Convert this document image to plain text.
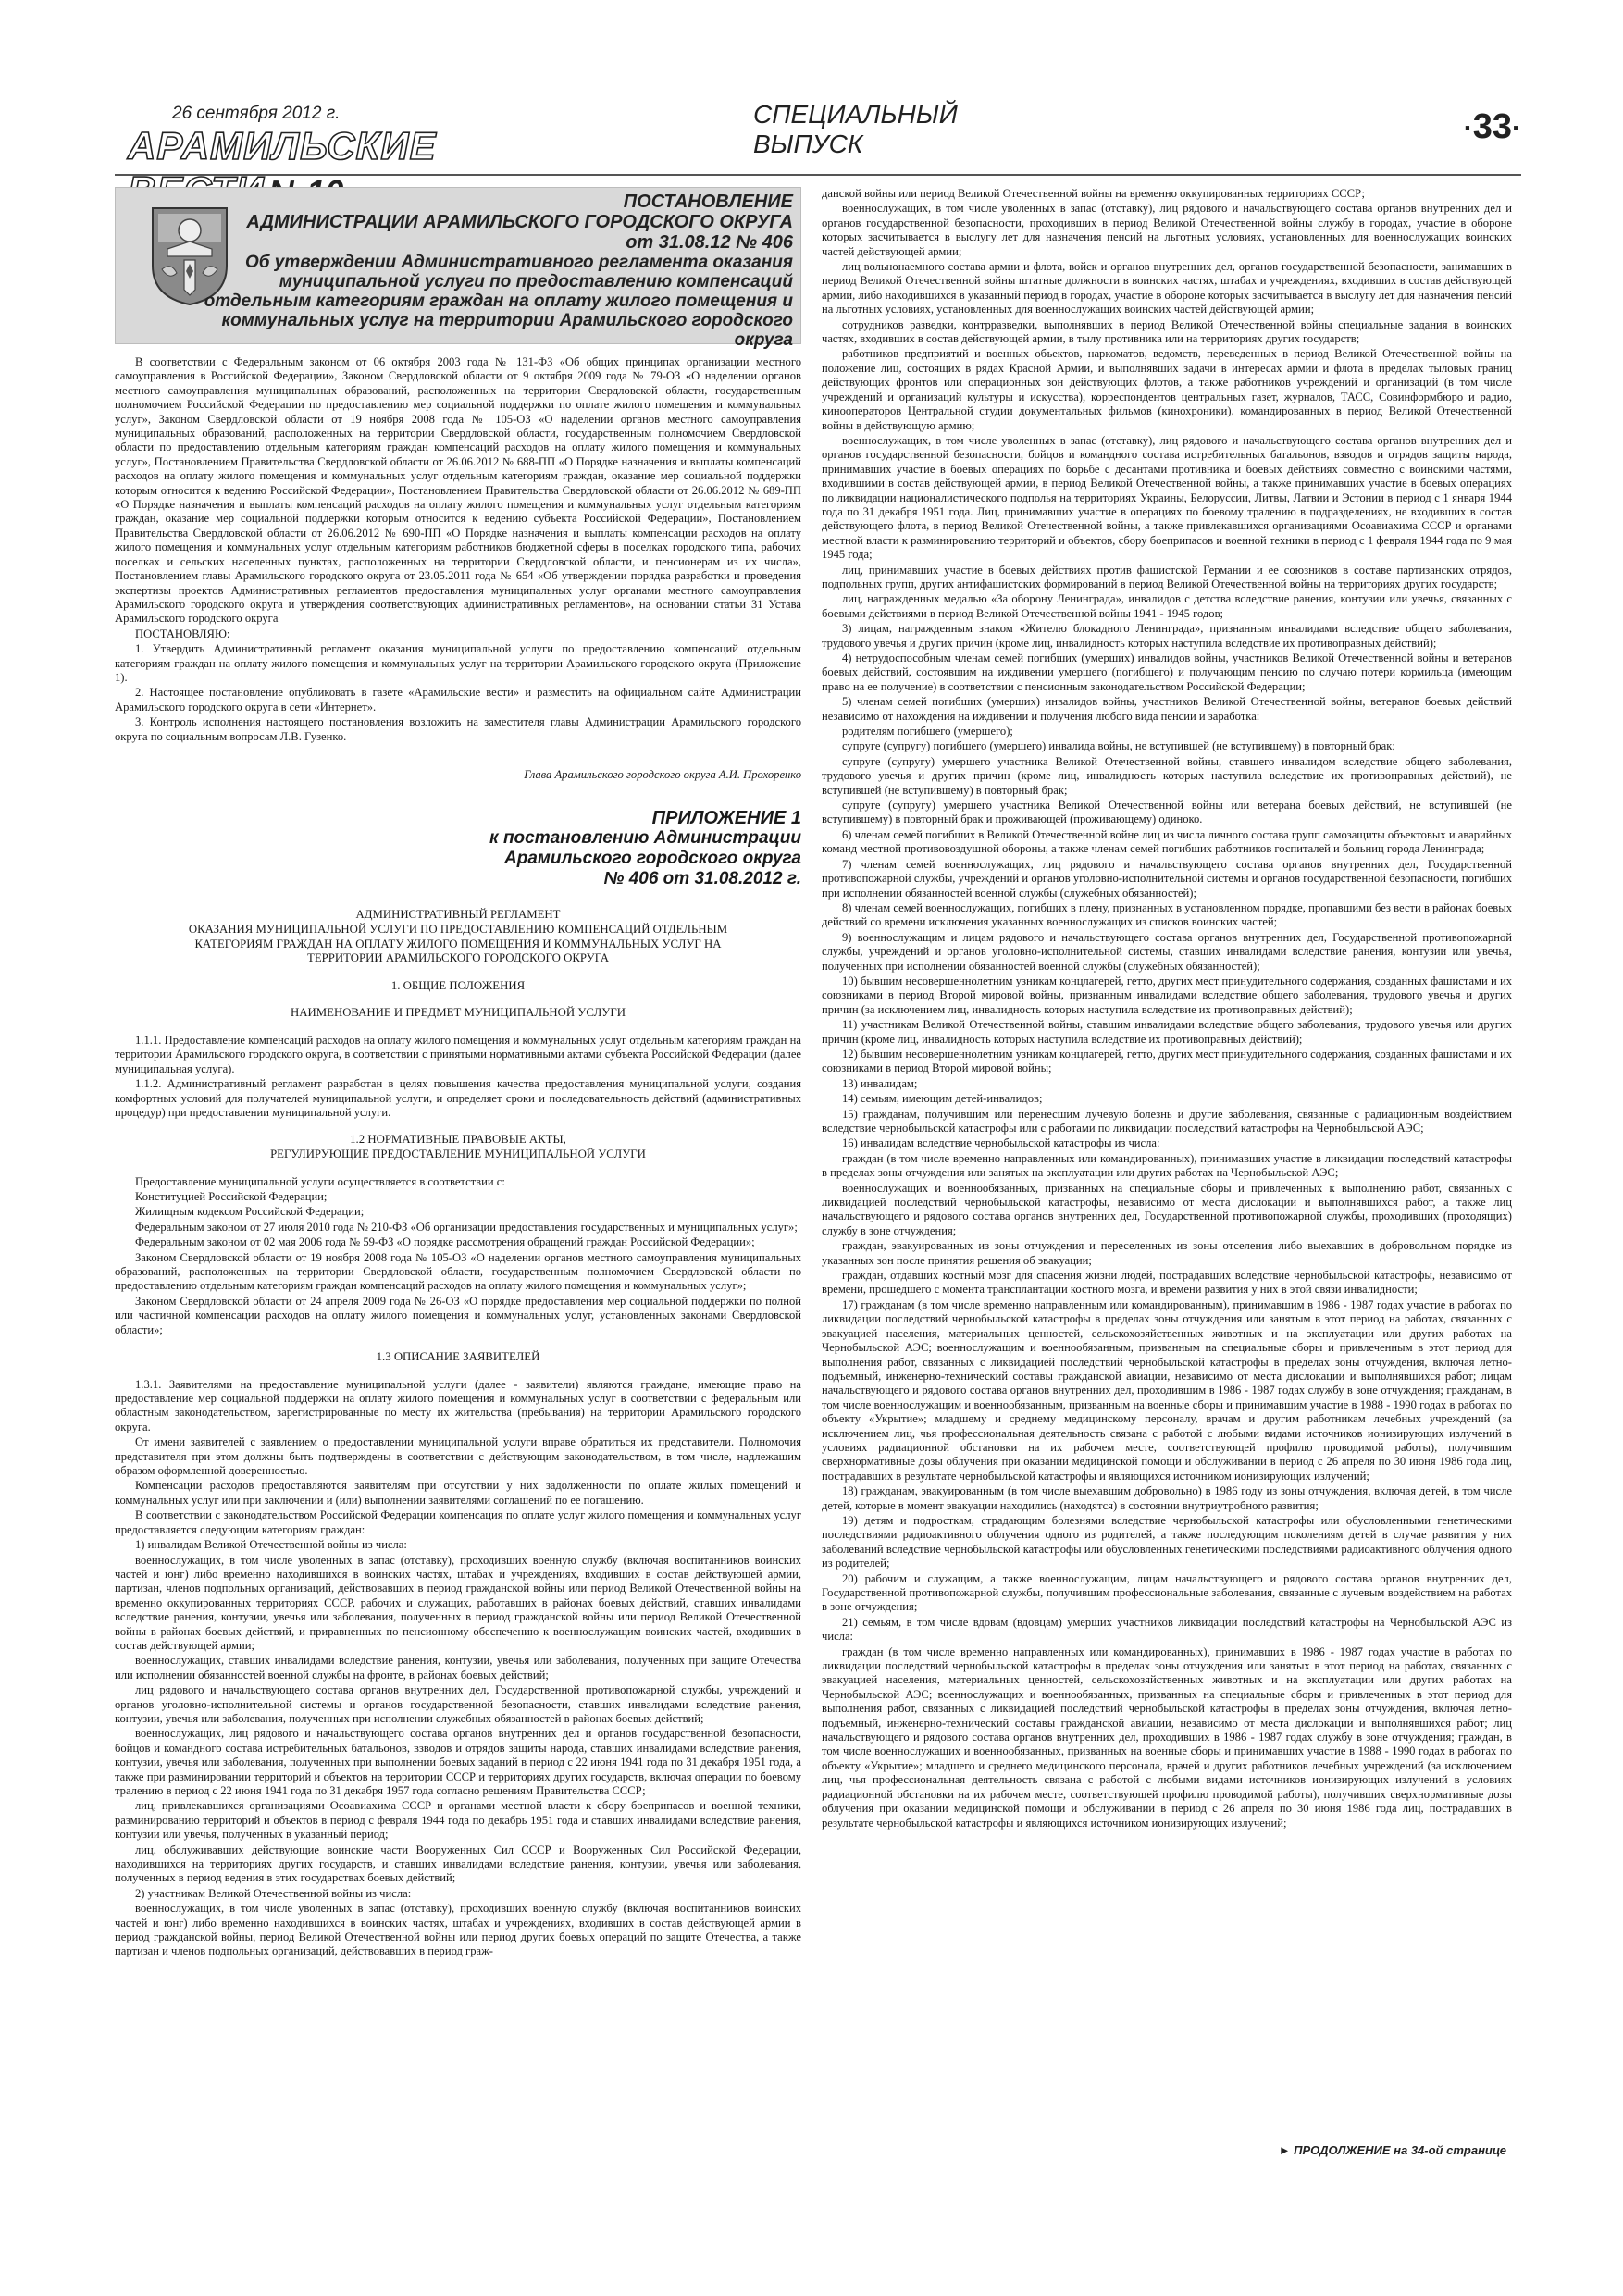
26 сентября 2012 г.
АРАМИЛЬСКИЕ
СПЕЦИАЛЬНЫЙ
ВЫПУСК
·33·
ПОСТАНОВЛЕНИЕ
АДМИНИСТРАЦИИ АРАМИЛЬСКОГО ГОРОДСКОГО ОКРУГА
от 31.08.12 № 406
Об утверждении Административного регламента оказания муниципальной услуги по предоставлению компенсаций отдельным категориям граждан на оплату жилого помещения и коммунальных услуг на территории Арамильского городского округа

В соответствии с Федеральным законом от 06 октября 2003 года № 131-ФЗ «Об общих принципах организации местного самоуправления в Российской Федерации», Законом Свердловской области от 9 октября 2009 года № 79-ОЗ «О наделении органов местного самоуправления муниципальных образований, расположенных на территории Свердловской области, государственным полномочием Российской Федерации по предоставлению мер социальной поддержки по оплате жилого помещения и коммунальных услуг», Законом Свердловской области от 19 ноября 2008 года № 105-ОЗ «О наделении органов местного самоуправления муниципальных образований, расположенных на территории Свердловской области, государственным полномочием Свердловской области по предоставлению отдельным категориям граждан компенсаций расходов на оплату жилого помещения и коммунальных услуг», Постановлением Правительства Свердловской области от 26.06.2012 № 688-ПП «О Порядке назначения и выплаты компенсаций расходов на оплату жилого помещения и коммунальных услуг отдельным категориям граждан, оказание мер социальной поддержки которым относится к ведению Российской Федерации», Постановлением Правительства Свердловской области от 26.06.2012 № 689-ПП «О Порядке назначения и выплаты компенсаций расходов на оплату жилого помещения и коммунальных услуг отдельным категориям граждан, оказание мер социальной поддержки которым относится к ведению субъекта Российской Федерации», Постановлением Правительства Свердловской области от 26.06.2012 № 690-ПП «О Порядке назначения и выплаты компенсации расходов на оплату жилого помещения и коммунальных услуг отдельным категориям работников бюджетной сферы в поселках городского типа, рабочих поселках и сельских населенных пунктах, расположенных на территории Свердловской области, и пенсионерам из их числа», Постановлением главы Арамильского городского округа от 23.05.2011 года № 654 «Об утверждении порядка разработки и проведения экспертизы проектов Административных регламентов предоставления муниципальных услуг органами местного самоуправления Арамильского городского округа и утверждения соответствующих административных регламентов», на основании статьи 31 Устава Арамильского городского округа

ПОСТАНОВЛЯЮ:

1. Утвердить Административный регламент оказания муниципальной услуги по предоставлению компенсаций отдельным категориям граждан на оплату жилого помещения и коммунальных услуг на территории Арамильского городского округа (Приложение 1).

2. Настоящее постановление опубликовать в газете «Арамильские вести» и разместить на официальном сайте Администрации Арамильского городского округа в сети «Интернет».

3. Контроль исполнения настоящего постановления возложить на заместителя главы Администрации Арамильского городского округа по социальным вопросам Л.В. Гузенко.

Глава Арамильского городского округа А.И. Прохоренко
ПРИЛОЖЕНИЕ 1
к постановлению Администрации
Арамильского городского округа
№ 406 от 31.08.2012 г.
АДМИНИСТРАТИВНЫЙ РЕГЛАМЕНТ
ОКАЗАНИЯ МУНИЦИПАЛЬНОЙ УСЛУГИ ПО ПРЕДОСТАВЛЕНИЮ КОМПЕНСАЦИЙ ОТДЕЛЬНЫМ КАТЕГОРИЯМ ГРАЖДАН НА ОПЛАТУ ЖИЛОГО ПОМЕЩЕНИЯ И КОММУНАЛЬНЫХ УСЛУГ НА ТЕРРИТОРИИ АРАМИЛЬСКОГО ГОРОДСКОГО ОКРУГА
1. ОБЩИЕ ПОЛОЖЕНИЯ
НАИМЕНОВАНИЕ И ПРЕДМЕТ МУНИЦИПАЛЬНОЙ УСЛУГИ

1.1.1. Предоставление компенсаций расходов на оплату жилого помещения и коммунальных услуг отдельным категориям граждан на территории Арамильского городского округа, в соответствии с принятыми нормативными актами субъекта Российской Федерации (далее муниципальная услуга).

1.1.2. Административный регламент разработан в целях повышения качества предоставления муниципальной услуги, создания комфортных условий для получателей муниципальной услуги, и определяет сроки и последовательность действий (административных процедур) при предоставлении муниципальной услуги.

1.2 НОРМАТИВНЫЕ ПРАВОВЫЕ АКТЫ,
РЕГУЛИРУЮЩИЕ ПРЕДОСТАВЛЕНИЕ МУНИЦИПАЛЬНОЙ УСЛУГИ

Предоставление муниципальной услуги осуществляется в соответствии с:

Конституцией Российской Федерации;

Жилищным кодексом Российской Федерации;

Федеральным законом от 27 июля 2010 года № 210-ФЗ «Об организации предоставления государственных и муниципальных услуг»;

Федеральным законом от 02 мая 2006 года № 59-ФЗ «О порядке рассмотрения обращений граждан Российской Федерации»;

Законом Свердловской области от 19 ноября 2008 года № 105-ОЗ «О наделении органов местного самоуправления муниципальных образований, расположенных на территории Свердловской области, государственным полномочием Свердловской области по предоставлению отдельным категориям граждан компенсаций расходов на оплату жилого помещения и коммунальных услуг»;

Законом Свердловской области от 24 апреля 2009 года № 26-ОЗ «О порядке предоставления мер социальной поддержки по полной или частичной компенсации расходов на оплату жилого помещения и коммунальных услуг, установленных законами Свердловской области»;

1.3 ОПИСАНИЕ ЗАЯВИТЕЛЕЙ

1.3.1. Заявителями на предоставление муниципальной услуги (далее - заявители) являются граждане, имеющие право на предоставление мер социальной поддержки на оплату жилого помещения и коммунальных услуг в соответствии с федеральным или областным законодательством, зарегистрированные по месту их жительства (пребывания) на территории Арамильского городского округа.

От имени заявителей с заявлением о предоставлении муниципальной услуги вправе обратиться их представители. Полномочия представителя при этом должны быть подтверждены в соответствии с действующим законодательством, в том числе, надлежащим образом оформленной доверенностью.

Компенсации расходов предоставляются заявителям при отсутствии у них задолженности по оплате жилых помещений и коммунальных услуг или при заключении и (или) выполнении заявителями соглашений по ее погашению.

В соответствии с законодательством Российской Федерации компенсация по оплате услуг жилого помещения и коммунальных услуг предоставляется следующим категориям граждан:

1) инвалидам Великой Отечественной войны из числа:

военнослужащих, в том числе уволенных в запас (отставку), проходивших военную службу (включая воспитанников воинских частей и юнг) либо временно находившихся в воинских частях, штабах и учреждениях, входивших в состав действующей армии, партизан, членов подпольных организаций, действовавших в период гражданской войны или период Великой Отечественной войны на временно оккупированных территориях СССР, рабочих и служащих, работавших в районах боевых действий, ставших инвалидами вследствие ранения, контузии, увечья или заболевания, полученных в период гражданской войны или период Великой Отечественной войны в районах боевых действий, и приравненных по пенсионному обеспечению к военнослужащим воинских частей, входивших в состав действующей армии;

военнослужащих, ставших инвалидами вследствие ранения, контузии, увечья или заболевания, полученных при защите Отечества или исполнении обязанностей военной службы на фронте, в районах боевых действий;

лиц рядового и начальствующего состава органов внутренних дел, Государственной противопожарной службы, учреждений и органов уголовно-исполнительной системы и органов государственной безопасности, ставших инвалидами вследствие ранения, контузии, увечья или заболевания, полученных при исполнении служебных обязанностей в районах боевых действий;

военнослужащих, лиц рядового и начальствующего состава органов внутренних дел и органов государственной безопасности, бойцов и командного состава истребительных батальонов, взводов и отрядов защиты народа, ставших инвалидами вследствие ранения, контузии, увечья или заболевания, полученных при выполнении боевых заданий в период с 22 июня 1941 года по 31 декабря 1951 года, а также при разминировании территорий и объектов на территории СССР и территориях других государств, включая операции по боевому тралению в период с 22 июня 1941 года по 31 декабря 1957 года согласно решениям Правительства СССР;

лиц, привлекавшихся организациями Осоавиахима СССР и органами местной власти к сбору боеприпасов и военной техники, разминированию территорий и объектов в период с февраля 1944 года по декабрь 1951 года и ставших инвалидами вследствие ранения, контузии или увечья, полученных в указанный период;

лиц, обслуживавших действующие воинские части Вооруженных Сил СССР и Вооруженных Сил Российской Федерации, находившихся на территориях других государств, и ставших инвалидами вследствие ранения, контузии, увечья или заболевания, полученных в период ведения в этих государствах боевых действий;

2) участникам Великой Отечественной войны из числа:

военнослужащих, в том числе уволенных в запас (отставку), проходивших военную службу (включая воспитанников воинских частей и юнг) либо временно находившихся в воинских частях, штабах и учреждениях, входивших в состав действующей армии в период гражданской войны, период Великой Отечественной войны или период других боевых операций по защите Отечества, а также партизан и членов подпольных организаций, действовавших в период граж-

данской войны или период Великой Отечественной войны на временно оккупированных территориях СССР;

военнослужащих, в том числе уволенных в запас (отставку), лиц рядового и начальствующего состава органов внутренних дел и органов государственной безопасности, проходивших в период Великой Отечественной войны службу в городах, участие в обороне которых засчитывается в выслугу лет для назначения пенсий на льготных условиях, установленных для военнослужащих воинских частей действующей армии;

лиц вольнонаемного состава армии и флота, войск и органов внутренних дел, органов государственной безопасности, занимавших в период Великой Отечественной войны штатные должности в воинских частях, штабах и учреждениях, входивших в состав действующей армии, либо находившихся в указанный период в городах, участие в обороне которых засчитывается в выслугу лет для назначения пенсий на льготных условиях, установленных для военнослужащих воинских частей действующей армии;

сотрудников разведки, контрразведки, выполнявших в период Великой Отечественной войны специальные задания в воинских частях, входивших в состав действующей армии, в тылу противника или на территориях других государств;

работников предприятий и военных объектов, наркоматов, ведомств, переведенных в период Великой Отечественной войны на положение лиц, состоящих в рядах Красной Армии, и выполнявших задачи в интересах армии и флота в пределах тыловых границ действующих фронтов или операционных зон действующих флотов, а также работников учреждений и организаций (в том числе учреждений и организаций культуры и искусства), корреспондентов центральных газет, журналов, ТАСС, Совинформбюро и радио, кинооператоров Центральной студии документальных фильмов (кинохроники), командированных в период Великой Отечественной войны в действующую армию;

военнослужащих, в том числе уволенных в запас (отставку), лиц рядового и начальствующего состава органов внутренних дел и органов государственной безопасности, бойцов и командного состава истребительных батальонов, взводов и отрядов защиты народа, принимавших участие в боевых операциях по борьбе с десантами противника и боевых действиях совместно с воинскими частями, входившими в состав действующей армии, в период Великой Отечественной войны, а также принимавших участие в боевых операциях по ликвидации националистического подполья на территориях Украины, Белоруссии, Литвы, Латвии и Эстонии в период с 1 января 1944 года по 31 декабря 1951 года. Лиц, принимавших участие в операциях по боевому тралению в подразделениях, не входивших в состав действующего флота, в период Великой Отечественной войны, а также привлекавшихся организациями Осоавиахима СССР и органами местной власти к разминированию территорий и объектов, сбору боеприпасов и военной техники в период с 1 февраля 1944 года по 9 мая 1945 года;

лиц, принимавших участие в боевых действиях против фашистской Германии и ее союзников в составе партизанских отрядов, подпольных групп, других антифашистских формирований в период Великой Отечественной войны на территориях других государств;

лиц, награжденных медалью «За оборону Ленинграда», инвалидов с детства вследствие ранения, контузии или увечья, связанных с боевыми действиями в период Великой Отечественной войны 1941 - 1945 годов;

3) лицам, награжденным знаком «Жителю блокадного Ленинграда», признанным инвалидами вследствие общего заболевания, трудового увечья и других причин (кроме лиц, инвалидность которых наступила вследствие их противоправных действий);

4) нетрудоспособным членам семей погибших (умерших) инвалидов войны, участников Великой Отечественной войны и ветеранов боевых действий, состоявшим на иждивении умершего (погибшего) и получающим пенсию по случаю потери кормильца (имеющим право на ее получение) в соответствии с пенсионным законодательством Российской Федерации;

5) членам семей погибших (умерших) инвалидов войны, участников Великой Отечественной войны, ветеранов боевых действий независимо от нахождения на иждивении и получения любого вида пенсии и заработка:

родителям погибшего (умершего);

супруге (супругу) погибшего (умершего) инвалида войны, не вступившей (не вступившему) в повторный брак;

супруге (супругу) умершего участника Великой Отечественной войны, ставшего инвалидом вследствие общего заболевания, трудового увечья и других причин (кроме лиц, инвалидность которых наступила вследствие их противоправных действий), не вступившей (не вступившему) в повторный брак;

супруге (супругу) умершего участника Великой Отечественной войны или ветерана боевых действий, не вступившей (не вступившему) в повторный брак и проживающей (проживающему) одиноко.

6) членам семей погибших в Великой Отечественной войне лиц из числа личного состава групп самозащиты объектовых и аварийных команд местной противовоздушной обороны, а также членам семей погибших работников госпиталей и больниц города Ленинграда;

7) членам семей военнослужащих, лиц рядового и начальствующего состава органов внутренних дел, Государственной противопожарной службы, учреждений и органов уголовно-исполнительной системы и органов государственной безопасности, погибших при исполнении обязанностей военной службы (служебных обязанностей);

8) членам семей военнослужащих, погибших в плену, признанных в установленном порядке, пропавшими без вести в районах боевых действий со времени исключения указанных военнослужащих из списков воинских частей;

9) военнослужащим и лицам рядового и начальствующего состава органов внутренних дел, Государственной противопожарной службы, учреждений и органов уголовно-исполнительной системы, ставших инвалидами вследствие ранения, контузии или увечья, полученных при исполнении обязанностей военной службы (служебных обязанностей);

10) бывшим несовершеннолетним узникам концлагерей, гетто, других мест принудительного содержания, созданных фашистами и их союзниками в период Второй мировой войны, признанным инвалидами вследствие общего заболевания, трудового увечья и других причин (за исключением лиц, инвалидность которых наступила вследствие их противоправных действий);

11) участникам Великой Отечественной войны, ставшим инвалидами вследствие общего заболевания, трудового увечья или других причин (кроме лиц, инвалидность которых наступила вследствие их противоправных действий);

12) бывшим несовершеннолетним узникам концлагерей, гетто, других мест принудительного содержания, созданных фашистами и их союзниками в период Второй мировой войны;

13) инвалидам;

14) семьям, имеющим детей-инвалидов;

15) гражданам, получившим или перенесшим лучевую болезнь и другие заболевания, связанные с радиационным воздействием вследствие чернобыльской катастрофы или с работами по ликвидации последствий катастрофы на Чернобыльской АЭС;

16) инвалидам вследствие чернобыльской катастрофы из числа:

граждан (в том числе временно направленных или командированных), принимавших участие в ликвидации последствий катастрофы в пределах зоны отчуждения или занятых на эксплуатации или других работах на Чернобыльской АЭС;

военнослужащих и военнообязанных, призванных на специальные сборы и привлеченных к выполнению работ, связанных с ликвидацией последствий чернобыльской катастрофы, независимо от места дислокации и выполнявшихся работ, а также лиц начальствующего и рядового состава органов внутренних дел, Государственной противопожарной службы, проходивших (проходящих) службу в зоне отчуждения;

граждан, эвакуированных из зоны отчуждения и переселенных из зоны отселения либо выехавших в добровольном порядке из указанных зон после принятия решения об эвакуации;

граждан, отдавших костный мозг для спасения жизни людей, пострадавших вследствие чернобыльской катастрофы, независимо от времени, прошедшего с момента трансплантации костного мозга, и времени развития у них в этой связи инвалидности;

17) гражданам (в том числе временно направленным или командированным), принимавшим в 1986 - 1987 годах участие в работах по ликвидации последствий чернобыльской катастрофы в пределах зоны отчуждения или занятым в этот период на работах, связанных с эвакуацией населения, материальных ценностей, сельскохозяйственных животных и на эксплуатации или других работах на Чернобыльской АЭС; военнослужащим и военнообязанным, призванным на специальные сборы и привлеченным в этот период для выполнения работ, связанных с ликвидацией последствий чернобыльской катастрофы в пределах зоны отчуждения, включая летно-подъемный, инженерно-технический составы гражданской авиации, независимо от места дислокации и выполнявшихся работ; лицам начальствующего и рядового состава органов внутренних дел, проходившим в 1986 - 1987 годах службу в зоне отчуждения; гражданам, в том числе военнослужащим и военнообязанным, призванным на военные сборы и принимавшим участие в 1988 - 1990 годах в работах по объекту «Укрытие»; младшему и среднему медицинскому персоналу, врачам и другим работникам лечебных учреждений (за исключением лиц, чья профессиональная деятельность связана с работой с любыми видами источников ионизирующих излучений в условиях радиационной обстановки на их рабочем месте, соответствующей профилю проводимой работы), получившим сверхнормативные дозы облучения при оказании медицинской помощи и обслуживании в период с 26 апреля по 30 июня 1986 года лиц, пострадавших в результате чернобыльской катастрофы и являющихся источником ионизирующих излучений;

18) гражданам, эвакуированным (в том числе выехавшим добровольно) в 1986 году из зоны отчуждения, включая детей, в том числе детей, которые в момент эвакуации находились (находятся) в состоянии внутриутробного развития;

19) детям и подросткам, страдающим болезнями вследствие чернобыльской катастрофы или обусловленными генетическими последствиями радиоактивного облучения одного из родителей, а также последующим поколениям детей в случае развития у них заболеваний вследствие чернобыльской катастрофы или обусловленных генетическими последствиями радиоактивного облучения одного из родителей;

20) рабочим и служащим, а также военнослужащим, лицам начальствующего и рядового состава органов внутренних дел, Государственной противопожарной службы, получившим профессиональные заболевания, связанные с лучевым воздействием на работах в зоне отчуждения;

21) семьям, в том числе вдовам (вдовцам) умерших участников ликвидации последствий катастрофы на Чернобыльской АЭС из числа:

граждан (в том числе временно направленных или командированных), принимавших в 1986 - 1987 годах участие в работах по ликвидации последствий чернобыльской катастрофы в пределах зоны отчуждения или занятых в этот период на работах, связанных с эвакуацией населения, материальных ценностей, сельскохозяйственных животных и на эксплуатации или других работах на Чернобыльской АЭС; военнослужащих и военнообязанных, призванных на специальные сборы и привлеченных в этот период для выполнения работ, связанных с ликвидацией последствий чернобыльской катастрофы в пределах зоны отчуждения, включая летно-подъемный, инженерно-технический составы гражданской авиации, независимо от места дислокации и выполнявшихся работ; лиц начальствующего и рядового состава органов внутренних дел, проходивших в 1986 - 1987 годах службу в зоне отчуждения; граждан, в том числе военнослужащих и военнообязанных, призванных на военные сборы и принимавших участие в 1988 - 1990 годах в работах по объекту «Укрытие»; младшего и среднего медицинского персонала, врачей и других работников лечебных учреждений (за исключением лиц, чья профессиональная деятельность связана с работой с любыми видами источников ионизирующих излучений в условиях радиационной обстановки на их рабочем месте, соответствующей профилю проводимой работы), получивших сверхнормативные дозы облучения при оказании медицинской помощи и обслуживании в период с 26 апреля по 30 июня 1986 года лиц, пострадавших в результате чернобыльской катастрофы и являющихся источником ионизирующих излучений;

► ПРОДОЛЖЕНИЕ на 34-ой странице
